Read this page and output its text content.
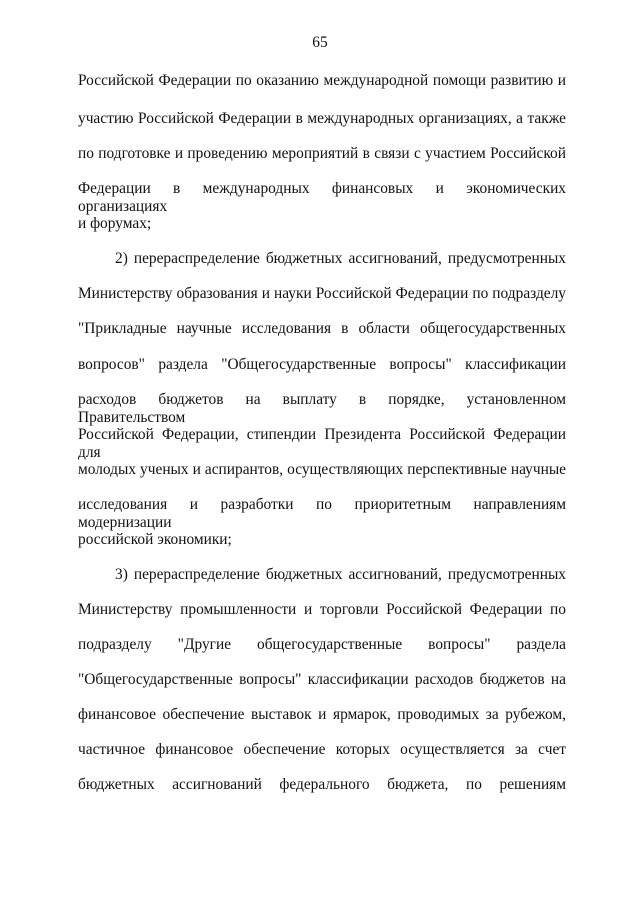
65
Российской Федерации по оказанию международной помощи развитию и
участию Российской Федерации в международных организациях, а также
по подготовке и проведению мероприятий в связи с участием Российской
Федерации в международных финансовых и экономических организациях
и форумах;
2) перераспределение бюджетных ассигнований, предусмотренных
Министерству образования и науки Российской Федерации по подразделу
"Прикладные научные исследования в области общегосударственных
вопросов" раздела "Общегосударственные вопросы" классификации
расходов бюджетов на выплату в порядке, установленном Правительством
Российской Федерации, стипендии Президента Российской Федерации для
молодых ученых и аспирантов, осуществляющих перспективные научные
исследования и разработки по приоритетным направлениям модернизации
российской экономики;
3) перераспределение бюджетных ассигнований, предусмотренных
Министерству промышленности и торговли Российской Федерации по
подразделу "Другие общегосударственные вопросы" раздела
"Общегосударственные вопросы" классификации расходов бюджетов на
финансовое обеспечение выставок и ярмарок, проводимых за рубежом,
частичное финансовое обеспечение которых осуществляется за счет
бюджетных ассигнований федерального бюджета, по решениям
